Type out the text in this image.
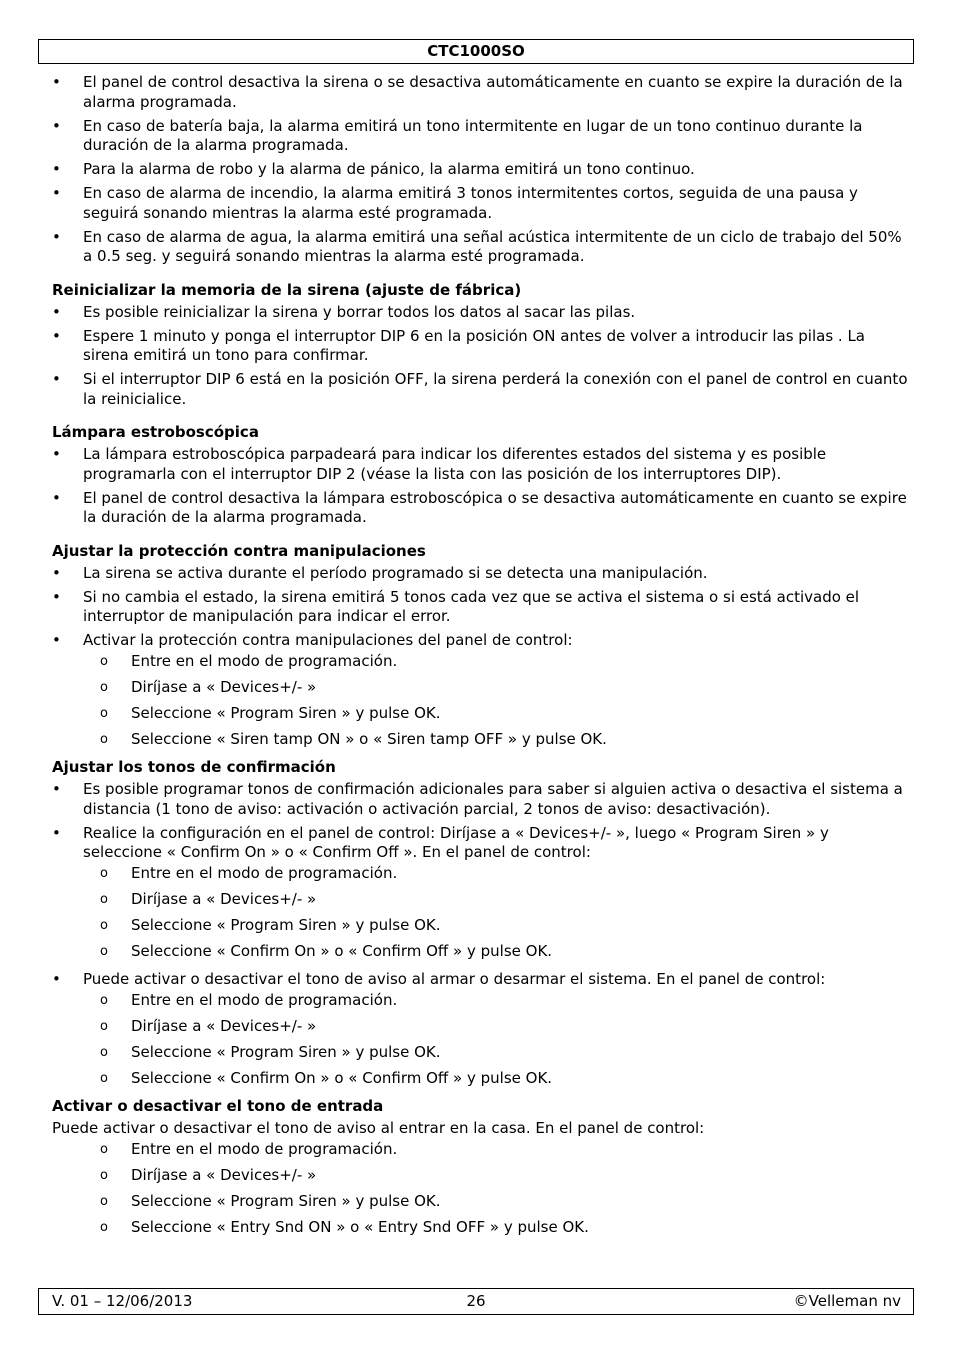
CTC1000SO
• El panel de control desactiva la sirena o se desactiva automáticamente en cuanto se expire la duración de la alarma programada.
• En caso de batería baja, la alarma emitirá un tono intermitente en lugar de un tono continuo durante la duración de la alarma programada.
• Para la alarma de robo y la alarma de pánico, la alarma emitirá un tono continuo.
• En caso de alarma de incendio, la alarma emitirá 3 tonos intermitentes cortos, seguida de una pausa y seguirá sonando mientras la alarma esté programada.
• En caso de alarma de agua, la alarma emitirá una señal acústica intermitente de un ciclo de trabajo del 50% a 0.5 seg. y seguirá sonando mientras la alarma esté programada.
Reinicializar la memoria de la sirena (ajuste de fábrica)
• Es posible reinicializar la sirena y borrar todos los datos al sacar las pilas.
• Espere 1 minuto y ponga el interruptor DIP 6 en la posición ON antes de volver a introducir las pilas . La sirena emitirá un tono para confirmar.
• Si el interruptor DIP 6 está en la posición OFF, la sirena perderá la conexión con el panel de control en cuanto la reinicialice.
Lámpara estroboscópica
• La lámpara estroboscópica parpadeará para indicar los diferentes estados del sistema y es posible programarla con el interruptor DIP 2 (véase la lista con las posición de los interruptores DIP).
• El panel de control desactiva la lámpara estroboscópica o se desactiva automáticamente en cuanto se expire la duración de la alarma programada.
Ajustar la protección contra manipulaciones
• La sirena se activa durante el período programado si se detecta una manipulación.
• Si no cambia el estado, la sirena emitirá 5 tonos cada vez que se activa el sistema o si está activado el interruptor de manipulación para indicar el error.
• Activar la protección contra manipulaciones del panel de control:
o Entre en el modo de programación.
o Diríjase a « Devices+/- »
o Seleccione « Program Siren » y pulse OK.
o Seleccione « Siren tamp ON » o « Siren tamp OFF » y pulse OK.
Ajustar los tonos de confirmación
• Es posible programar tonos de confirmación adicionales para saber si alguien activa o desactiva el sistema a distancia (1 tono de aviso: activación o activación parcial, 2 tonos de aviso: desactivación).
• Realice la configuración en el panel de control: Diríjase a « Devices+/- », luego « Program Siren » y seleccione « Confirm On » o « Confirm Off ». En el panel de control:
o Entre en el modo de programación.
o Diríjase a « Devices+/- »
o Seleccione « Program Siren » y pulse OK.
o Seleccione « Confirm On » o « Confirm Off » y pulse OK.
• Puede activar o desactivar el tono de aviso al armar o desarmar el sistema. En el panel de control:
o Entre en el modo de programación.
o Diríjase a « Devices+/- »
o Seleccione « Program Siren » y pulse OK.
o Seleccione « Confirm On » o « Confirm Off » y pulse OK.
Activar o desactivar el tono de entrada

Puede activar o desactivar el tono de aviso al entrar en la casa. En el panel de control:

o Entre en el modo de programación.
o Diríjase a « Devices+/- »
o Seleccione « Program Siren » y pulse OK.
o Seleccione « Entry Snd ON » o « Entry Snd OFF » y pulse OK.
V. 01 – 12/06/2013	26	©Velleman nv
